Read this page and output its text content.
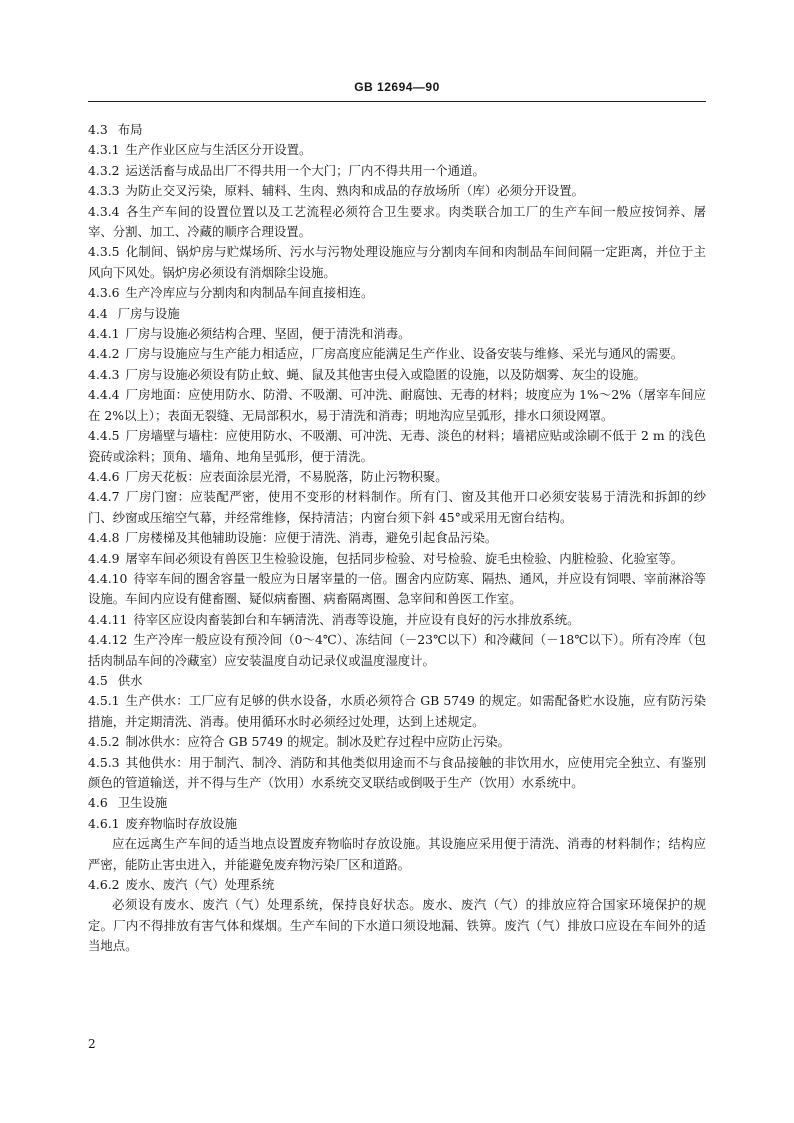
GB 12694—90

4.3 布局

4.3.1 生产作业区应与生活区分开设置。

4.3.2 运送活畜与成品出厂不得共用一个大门；厂内不得共用一个通道。

4.3.3 为防止交叉污染，原料、辅料、生肉、熟肉和成品的存放场所（库）必须分开设置。

4.3.4 各生产车间的设置位置以及工艺流程必须符合卫生要求。肉类联合加工厂的生产车间一般应按饲养、屠宰、分割、加工、冷藏的顺序合理设置。

4.3.5 化制间、锅炉房与贮煤场所、污水与污物处理设施应与分割肉车间和肉制品车间间隔一定距离，并位于主风向下风处。锅炉房必须设有消烟除尘设施。

4.3.6 生产冷库应与分割肉和肉制品车间直接相连。

4.4 厂房与设施

4.4.1 厂房与设施必须结构合理、坚固，便于清洗和消毒。

4.4.2 厂房与设施应与生产能力相适应，厂房高度应能满足生产作业、设备安装与维修、采光与通风的需要。

4.4.3 厂房与设施必须设有防止蚊、蝇、鼠及其他害虫侵入或隐匿的设施，以及防烟雾、灰尘的设施。

4.4.4 厂房地面：应使用防水、防滑、不吸潮、可冲洗、耐腐蚀、无毒的材料；坡度应为 1%～2%（屠宰车间应在 2%以上）；表面无裂缝、无局部积水，易于清洗和消毒；明地沟应呈弧形，排水口须设网罩。

4.4.5 厂房墙壁与墙柱：应使用防水、不吸潮、可冲洗、无毒、淡色的材料；墙裙应贴或涂刷不低于 2 m 的浅色瓷砖或涂料；顶角、墙角、地角呈弧形，便于清洗。

4.4.6 厂房天花板：应表面涂层光滑，不易脱落，防止污物积聚。

4.4.7 厂房门窗：应装配严密，使用不变形的材料制作。所有门、窗及其他开口必须安装易于清洗和拆卸的纱门、纱窗或压缩空气幕，并经常维修，保持清洁；内窗台须下斜 45°或采用无窗台结构。

4.4.8 厂房楼梯及其他辅助设施：应便于清洗、消毒，避免引起食品污染。

4.4.9 屠宰车间必须设有兽医卫生检验设施，包括同步检验、对号检验、旋毛虫检验、内脏检验、化验室等。

4.4.10 待宰车间的圈舍容量一般应为日屠宰量的一倍。圈舍内应防寒、隔热、通风，并应设有饲喂、宰前淋浴等设施。车间内应设有健畜圈、疑似病畜圈、病畜隔离圈、急宰间和兽医工作室。

4.4.11 待宰区应设肉畜装卸台和车辆清洗、消毒等设施，并应设有良好的污水排放系统。

4.4.12 生产冷库一般应设有预冷间（0～4℃）、冻结间（－23℃以下）和冷藏间（－18℃以下）。所有冷库（包括肉制品车间的冷藏室）应安装温度自动记录仪或温度湿度计。

4.5 供水

4.5.1 生产供水：工厂应有足够的供水设备，水质必须符合 GB 5749 的规定。如需配备贮水设施，应有防污染措施，并定期清洗、消毒。使用循环水时必须经过处理，达到上述规定。

4.5.2 制冰供水：应符合 GB 5749 的规定。制冰及贮存过程中应防止污染。

4.5.3 其他供水：用于制汽、制冷、消防和其他类似用途而不与食品接触的非饮用水，应使用完全独立、有鉴别颜色的管道输送，并不得与生产（饮用）水系统交叉联结或倒吸于生产（饮用）水系统中。

4.6 卫生设施

4.6.1 废弃物临时存放设施

应在远离生产车间的适当地点设置废弃物临时存放设施。其设施应采用便于清洗、消毒的材料制作；结构应严密，能防止害虫进入，并能避免废弃物污染厂区和道路。

4.6.2 废水、废汽（气）处理系统

必须设有废水、废汽（气）处理系统，保持良好状态。废水、废汽（气）的排放应符合国家环境保护的规定。厂内不得排放有害气体和煤烟。生产车间的下水道口须设地漏、铁箅。废汽（气）排放口应设在车间外的适当地点。

2
